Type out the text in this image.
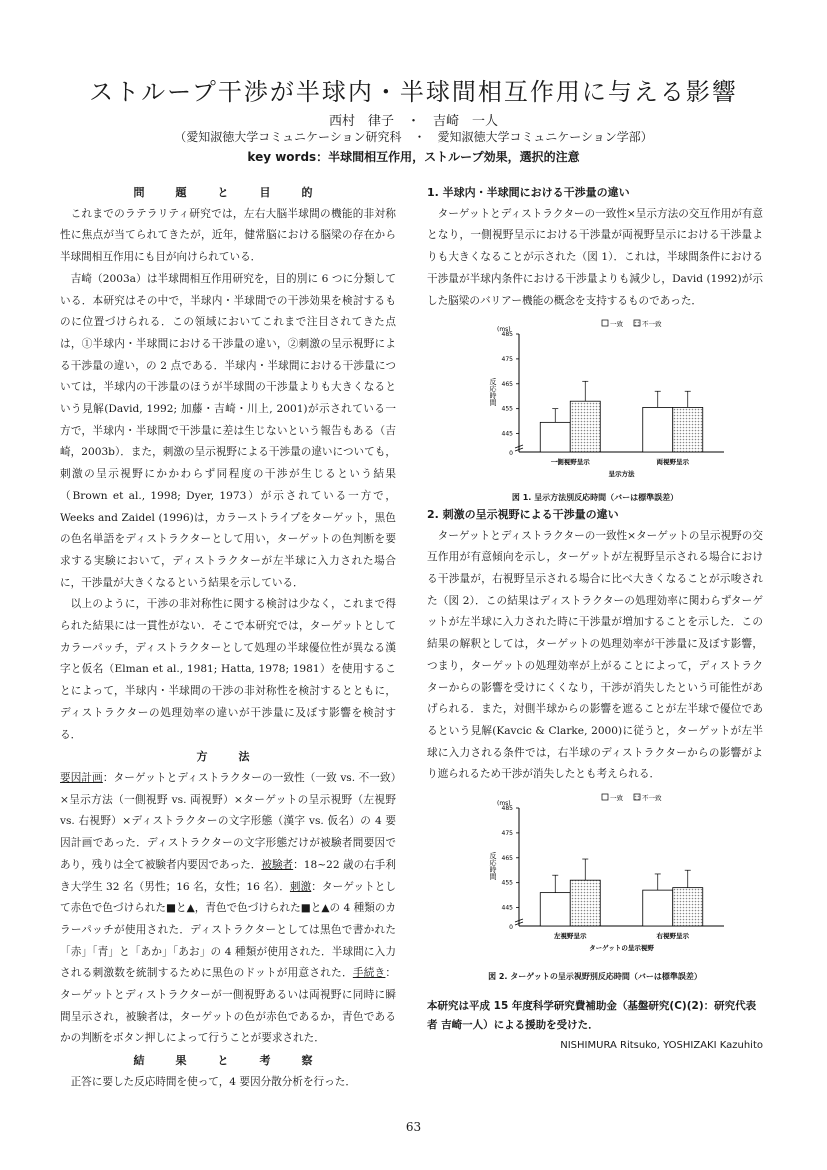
ストループ干渉が半球内・半球間相互作用に与える影響
西村　律子　・　吉崎　一人
（愛知淑徳大学コミュニケーション研究科　・　愛知淑徳大学コミュニケーション学部）
key words：半球間相互作用，ストループ効果，選択的注意
問　題　と　目　的

これまでのラテラリティ研究では，左右大脳半球間の機能的非対称性に焦点が当てられてきたが，近年，健常脳における脳梁の存在から半球間相互作用にも目が向けられている．

吉崎（2003a）は半球間相互作用研究を，目的別に 6 つに分類している．本研究はその中で，半球内・半球間での干渉効果を検討するものに位置づけられる．この領域においてこれまで注目されてきた点は，①半球内・半球間における干渉量の違い，②刺激の呈示視野による干渉量の違い，の 2 点である．半球内・半球間における干渉量については，半球内の干渉量のほうが半球間の干渉量よりも大きくなるという見解(David, 1992; 加藤・吉崎・川上, 2001)が示されている一方で，半球内・半球間で干渉量に差は生じないという報告もある（吉崎，2003b）．また，刺激の呈示視野による干渉量の違いについても，刺激の呈示視野にかかわらず同程度の干渉が生じるという結果（Brown et al., 1998; Dyer, 1973）が示されている一方で，Weeks and Zaidel (1996)は，カラーストライプをターゲット，黒色の色名単語をディストラクターとして用い，ターゲットの色判断を要求する実験において，ディストラクターが左半球に入力された場合に，干渉量が大きくなるという結果を示している．

以上のように，干渉の非対称性に関する検討は少なく，これまで得られた結果には一貫性がない．そこで本研究では，ターゲットとしてカラーパッチ，ディストラクターとして処理の半球優位性が異なる漢字と仮名（Elman et al., 1981; Hatta, 1978; 1981）を使用することによって，半球内・半球間の干渉の非対称性を検討するとともに，ディストラクターの処理効率の違いが干渉量に及ぼす影響を検討する．

方　法

要因計画：ターゲットとディストラクターの一致性（一致 vs. 不一致）×呈示方法（一側視野 vs. 両視野）×ターゲットの呈示視野（左視野 vs. 右視野）×ディストラクターの文字形態（漢字 vs. 仮名）の 4 要因計画であった．ディストラクターの文字形態だけが被験者間要因であり，残りは全て被験者内要因であった．被験者：18~22 歳の右手利き大学生 32 名（男性；16 名，女性；16 名）．刺激：ターゲットとして赤色で色づけられた■と▲，青色で色づけられた■と▲の 4 種類のカラーパッチが使用された．ディストラクターとしては黒色で書かれた「赤」「青」と「あか」「あお」の 4 種類が使用された．半球間に入力される刺激数を統制するために黒色のドットが用意された．手続き：ターゲットとディストラクターが一側視野あるいは両視野に同時に瞬間呈示され，被験者は，ターゲットの色が赤色であるか，青色であるかの判断をボタン押しによって行うことが要求された．

結　果　と　考　察

正答に要した反応時間を使って，4 要因分散分析を行った．

1. 半球内・半球間における干渉量の違い

ターゲットとディストラクターの一致性×呈示方法の交互作用が有意となり，一側視野呈示における干渉量が両視野呈示における干渉量よりも大きくなることが示された（図 1）．これは，半球間条件における干渉量が半球内条件における干渉量よりも減少し，David (1992)が示した脳梁のバリアー機能の概念を支持するものであった．

0
445
455
465
475
485
(ms)
反応時間
一致	不一致
一側視野呈示	両視野呈示
呈示方法
図 1. 呈示方法別反応時間（バーは標準誤差）
2. 刺激の呈示視野による干渉量の違い

ターゲットとディストラクターの一致性×ターゲットの呈示視野の交互作用が有意傾向を示し，ターゲットが左視野呈示される場合における干渉量が，右視野呈示される場合に比べ大きくなることが示唆された（図 2）．この結果はディストラクターの処理効率に関わらずターゲットが左半球に入力された時に干渉量が増加することを示した．この結果の解釈としては，ターゲットの処理効率が干渉量に及ぼす影響，つまり，ターゲットの処理効率が上がることによって，ディストラクターからの影響を受けにくくなり，干渉が消失したという可能性があげられる．また，対側半球からの影響を遮ることが左半球で優位であるという見解(Kavcic & Clarke, 2000)に従うと，ターゲットが左半球に入力される条件では，右半球のディストラクターからの影響がより遮られるため干渉が消失したとも考えられる．

0
445
455
465
475
485
(ms)
反応時間
一致	不一致
左視野呈示	右視野呈示
ターゲットの呈示視野
図 2. ターゲットの呈示視野別反応時間（バーは標準誤差）
本研究は平成 15 年度科学研究費補助金（基盤研究(C)(2)：研究代表者 吉崎一人）による援助を受けた．
NISHIMURA Ritsuko, YOSHIZAKI Kazuhito
63
